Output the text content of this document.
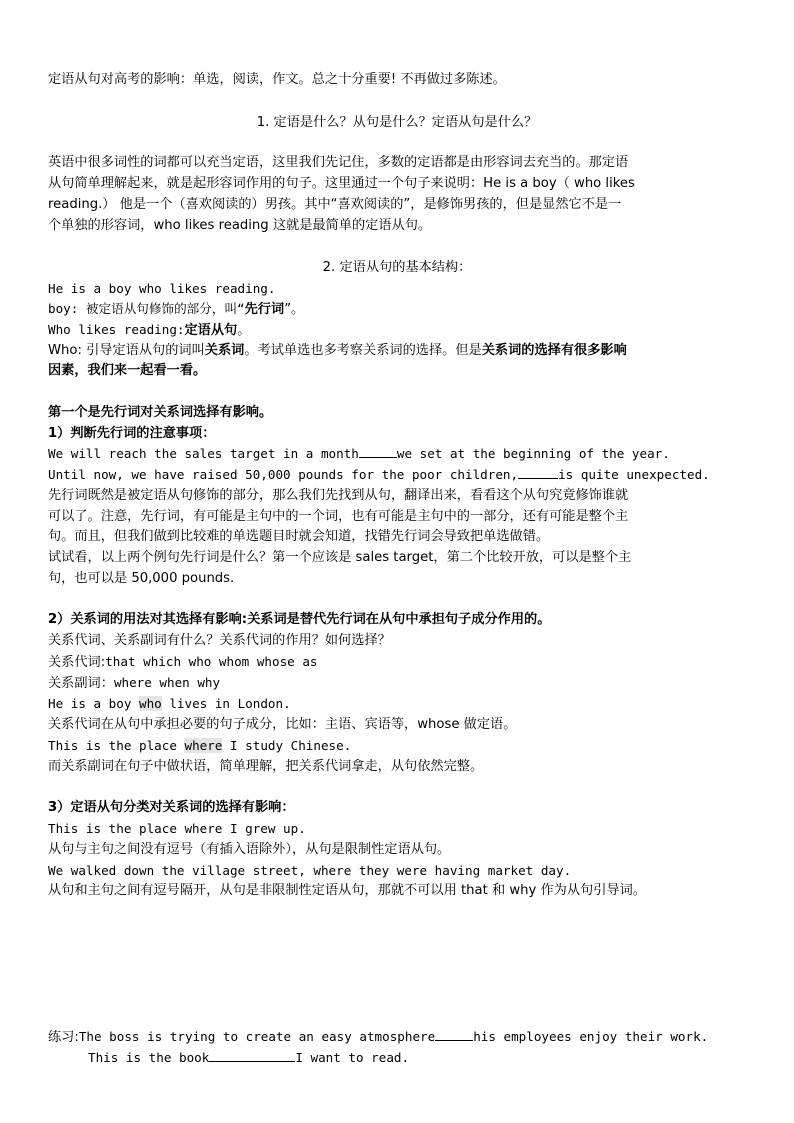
定语从句对高考的影响：单选，阅读，作文。总之十分重要! 不再做过多陈述。
1. 定语是什么？从句是什么？定语从句是什么？
英语中很多词性的词都可以充当定语，这里我们先记住，多数的定语都是由形容词去充当的。那定语
从句简单理解起来，就是起形容词作用的句子。这里通过一个句子来说明：He is a boy（ who likes
reading.） 他是一个（喜欢阅读的）男孩。其中“喜欢阅读的”，是修饰男孩的，但是显然它不是一
个单独的形容词，who likes reading 这就是最简单的定语从句。
2. 定语从句的基本结构：
He is a boy who likes reading.
boy: 被定语从句修饰的部分，叫“先行词”。
Who likes reading:定语从句。
Who: 引导定语从句的词叫关系词。考试单选也多考察关系词的选择。但是关系词的选择有很多影响
因素，我们来一起看一看。
第一个是先行词对关系词选择有影响。
1）判断先行词的注意事项：
We will reach the sales target in a month	we set at the beginning of the year.
Until now, we have raised 50,000 pounds for the poor children,	is quite unexpected.
先行词既然是被定语从句修饰的部分，那么我们先找到从句，翻译出来，看看这个从句究竟修饰谁就
可以了。注意，先行词，有可能是主句中的一个词，也有可能是主句中的一部分，还有可能是整个主
句。而且，但我们做到比较难的单选题目时就会知道，找错先行词会导致把单选做错。
试试看，以上两个例句先行词是什么？第一个应该是 sales target，第二个比较开放，可以是整个主
句，也可以是 50,000 pounds.
2）关系词的用法对其选择有影响:关系词是替代先行词在从句中承担句子成分作用的。
关系代词、关系副词有什么？关系代词的作用？如何选择？
关系代词:that which who whom whose as
关系副词：where when why
He is a boy who lives in London.
关系代词在从句中承担必要的句子成分，比如：主语、宾语等，whose 做定语。
This is the place where I study Chinese.
而关系副词在句子中做状语，简单理解，把关系代词拿走，从句依然完整。
3）定语从句分类对关系词的选择有影响：
This is the place where I grew up.
从句与主句之间没有逗号（有插入语除外），从句是限制性定语从句。
We walked down the village street, where they were having market day.
从句和主句之间有逗号隔开，从句是非限制性定语从句，那就不可以用 that 和 why 作为从句引导词。
练习:The boss is trying to create an easy atmosphere	his employees enjoy their work.
This is the book	I want to read.
